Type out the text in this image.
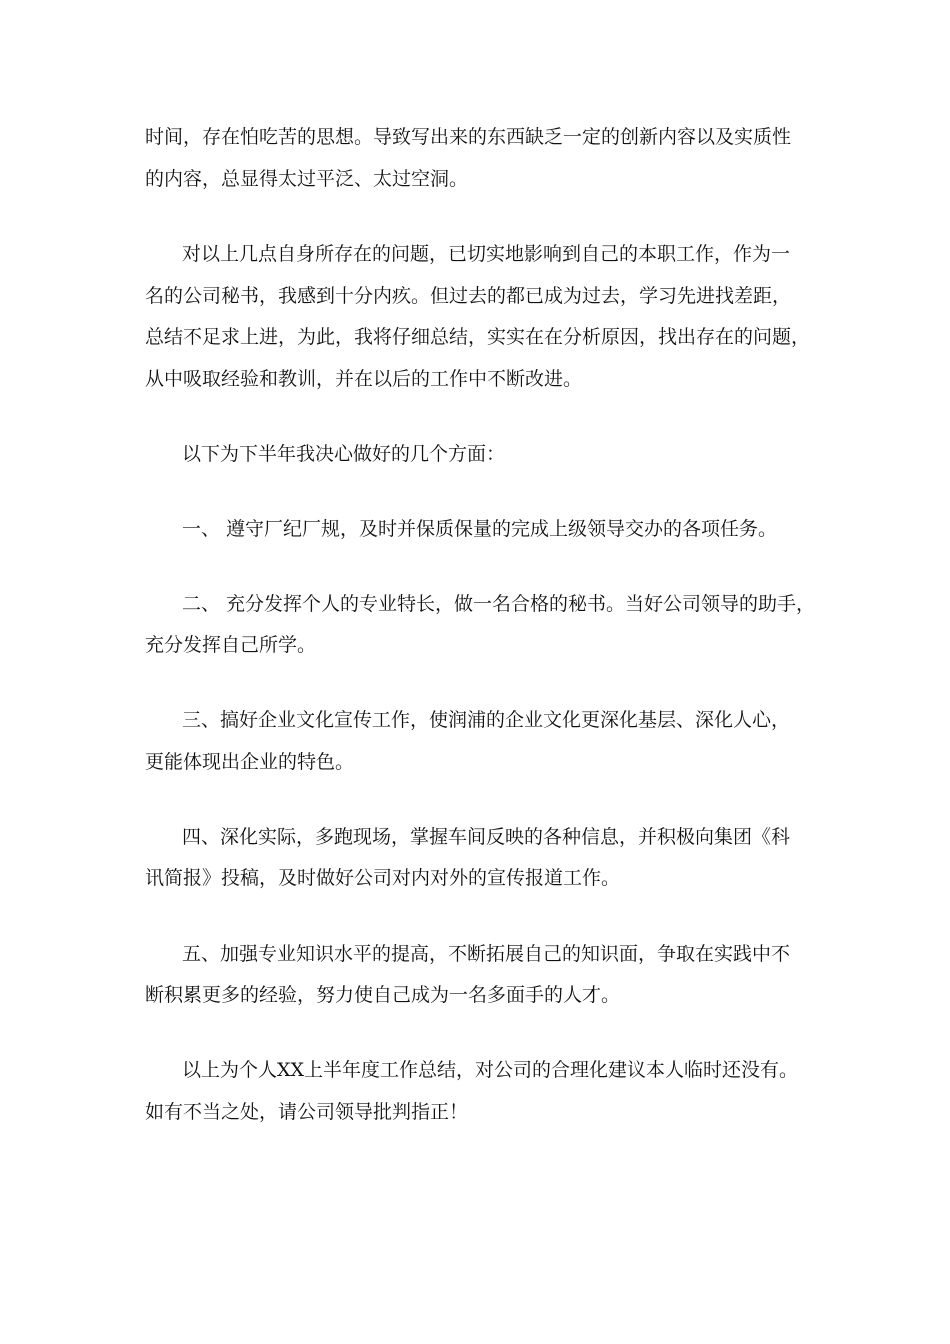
时间，存在怕吃苦的思想。导致写出来的东西缺乏一定的创新内容以及实质性
的内容，总显得太过平泛、太过空洞。
对以上几点自身所存在的问题，已切实地影响到自己的本职工作，作为一
名的公司秘书，我感到十分内疚。但过去的都已成为过去，学习先进找差距，
总结不足求上进，为此，我将仔细总结，实实在在分析原因，找出存在的问题，
从中吸取经验和教训，并在以后的工作中不断改进。
以下为下半年我决心做好的几个方面：
一、 遵守厂纪厂规，及时并保质保量的完成上级领导交办的各项任务。
二、 充分发挥个人的专业特长，做一名合格的秘书。当好公司领导的助手，
充分发挥自己所学。
三、搞好企业文化宣传工作，使润浦的企业文化更深化基层、深化人心，
更能体现出企业的特色。
四、深化实际，多跑现场，掌握车间反映的各种信息，并积极向集团《科
讯简报》投稿，及时做好公司对内对外的宣传报道工作。
五、加强专业知识水平的提高，不断拓展自己的知识面，争取在实践中不
断积累更多的经验，努力使自己成为一名多面手的人才。
以上为个人XX上半年度工作总结，对公司的合理化建议本人临时还没有。
如有不当之处，请公司领导批判指正！
